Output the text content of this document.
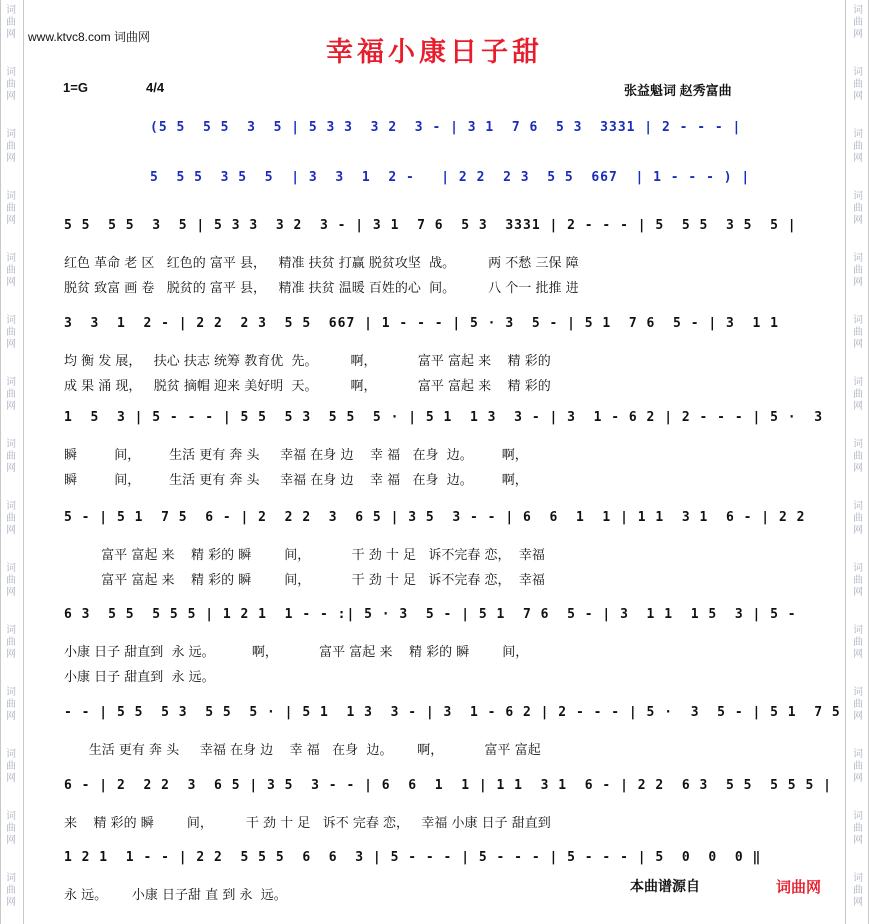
www.ktvc8.com 词曲网	幸福小康日子甜
1=G	4/4	张益魁词 赵秀富曲
(5 5  5 5  3  5 | 5 3 3  3 2  3 - | 3 1  7 6  5 3  3331 | 2 - - - |
5  5 5  3 5  5  | 3  3  1  2 -   | 2 2  2 3  5 5  667  | 1 - - - ) |
5 5  5 5  3  5 | 5 3 3  3 2  3 - | 3 1  7 6  5 3  3331 | 2 - - - | 5  5 5  3 5  5 |
红色 革命 老 区   红色的 富平 县，   精准 扶贫 打赢 脱贫攻坚  战。        两 不愁 三保 障
脱贫 致富 画 卷   脱贫的 富平 县，   精准 扶贫 温暖 百姓的心  间。        八 个一 批推 进
3  3  1  2 - | 2 2  2 3  5 5  667 | 1 - - - | 5 · 3  5 - | 5 1  7 6  5 - | 3  1 1
均 衡 发 展，   扶心 扶志 统筹 教育优  先。        啊，          富平 富起 来    精 彩的
成 果 涌 现，   脱贫 摘帽 迎来 美好明  天。        啊，          富平 富起 来    精 彩的
1  5  3 | 5 - - - | 5 5  5 3  5 5  5 · | 5 1  1 3  3 - | 3  1 - 6 2 | 2 - - - | 5 ·  3
瞬         间，       生活 更有 奔 头     幸福 在身 边    幸 福   在身  边。       啊，
瞬         间，       生活 更有 奔 头     幸福 在身 边    幸 福   在身  边。       啊，
5 - | 5 1  7 5  6 - | 2  2 2  3  6 5 | 3 5  3 - - | 6  6  1  1 | 1 1  3 1  6 - | 2 2
富平 富起 来    精 彩的 瞬        间，          干 劲 十 足   诉不完春 恋，  幸福
富平 富起 来    精 彩的 瞬        间，          干 劲 十 足   诉不完春 恋，  幸福
6 3  5 5  5 5 5 | 1 2 1  1 - - :| 5 · 3  5 - | 5 1  7 6  5 - | 3  1 1  1 5  3 | 5 -
小康 日子 甜直到  永 远。         啊，          富平 富起 来    精 彩的 瞬        间，
小康 日子 甜直到  永 远。
- - | 5 5  5 3  5 5  5 · | 5 1  1 3  3 - | 3  1 - 6 2 | 2 - - - | 5 ·  3  5 - | 5 1  7 5
生活 更有 奔 头     幸福 在身 边    幸 福   在身  边。      啊，          富平 富起
6 - | 2  2 2  3  6 5 | 3 5  3 - - | 6  6  1  1 | 1 1  3 1  6 - | 2 2  6 3  5 5  5 5 5 |
来    精 彩的 瞬        间，        干 劲 十 足   诉不 完春 恋，   幸福 小康 日子 甜直到
1 2 1  1 - - | 2 2  5 5 5  6  6  3 | 5 - - - | 5 - - - | 5 - - - | 5  0  0  0 ‖
永 远。      小康 日子甜 直 到 永  远。
本曲谱源自	词曲网
词
曲
网
词
曲
网
词
曲
网
词
曲
网
词
曲
网
词
曲
网
词
曲
网
词
曲
网
词
曲
网
词
曲
网
词
曲
网
词
曲
网
词
曲
网
词
曲
网
词
曲
网
词
曲
网
词
曲
网
词
曲
网
词
曲
网
词
曲
网
词
曲
网
词
曲
网
词
曲
网
词
曲
网
词
曲
网
词
曲
网
词
曲
网
词
曲
网
词
曲
网
词
曲
网
